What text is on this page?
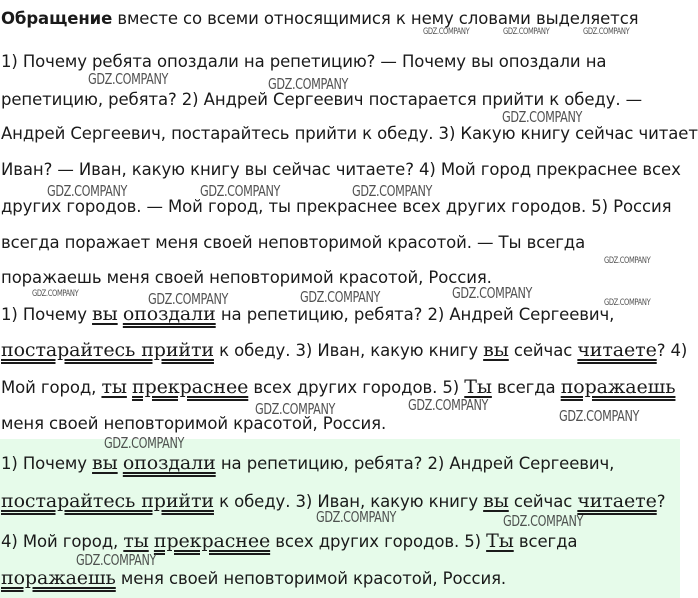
Обращение вместе со всеми относящимися к нему словами выделяется
1) Почему ребята опоздали на репетицию? — Почему вы опоздали на
репетицию, ребята? 2) Андрей Сергеевич постарается прийти к обеду. —
Андрей Сергеевич, постарайтесь прийти к обеду. 3) Какую книгу сейчас читает
Иван? — Иван, какую книгу вы сейчас читаете? 4) Мой город прекраснее всех
других городов. — Мой город, ты прекраснее всех других городов. 5) Россия
всегда поражает меня своей неповторимой красотой. — Ты всегда
поражаешь меня своей неповторимой красотой, Россия.
1) Почему вы опоздали на репетицию, ребята? 2) Андрей Сергеевич,
постарайтесь прийти к обеду. 3) Иван, какую книгу вы сейчас читаете? 4)
Мой город, ты прекраснее всех других городов. 5) Ты всегда поражаешь
меня своей неповторимой красотой, Россия.
1) Почему вы опоздали на репетицию, ребята? 2) Андрей Сергеевич,
постарайтесь прийти к обеду. 3) Иван, какую книгу вы сейчас читаете?
4) Мой город, ты прекраснее всех других городов. 5) Ты всегда
поражаешь меня своей неповторимой красотой, Россия.
GDZ.COMPANY	GDZ.COMPANY	GDZ.COMPANY
GDZ.COMPANY	GDZ.COMPANY
GDZ.COMPANY
GDZ.COMPANY	GDZ.COMPANY	GDZ.COMPANY
GDZ.COMPANY
GDZ.COMPANY	GDZ.COMPANY	GDZ.COMPANY	GDZ.COMPANY
GDZ.COMPANY
GDZ.COMPANY	GDZ.COMPANY
GDZ.COMPANY
GDZ.COMPANY
GDZ.COMPANY	GDZ.COMPANY
GDZ.COMPANY
